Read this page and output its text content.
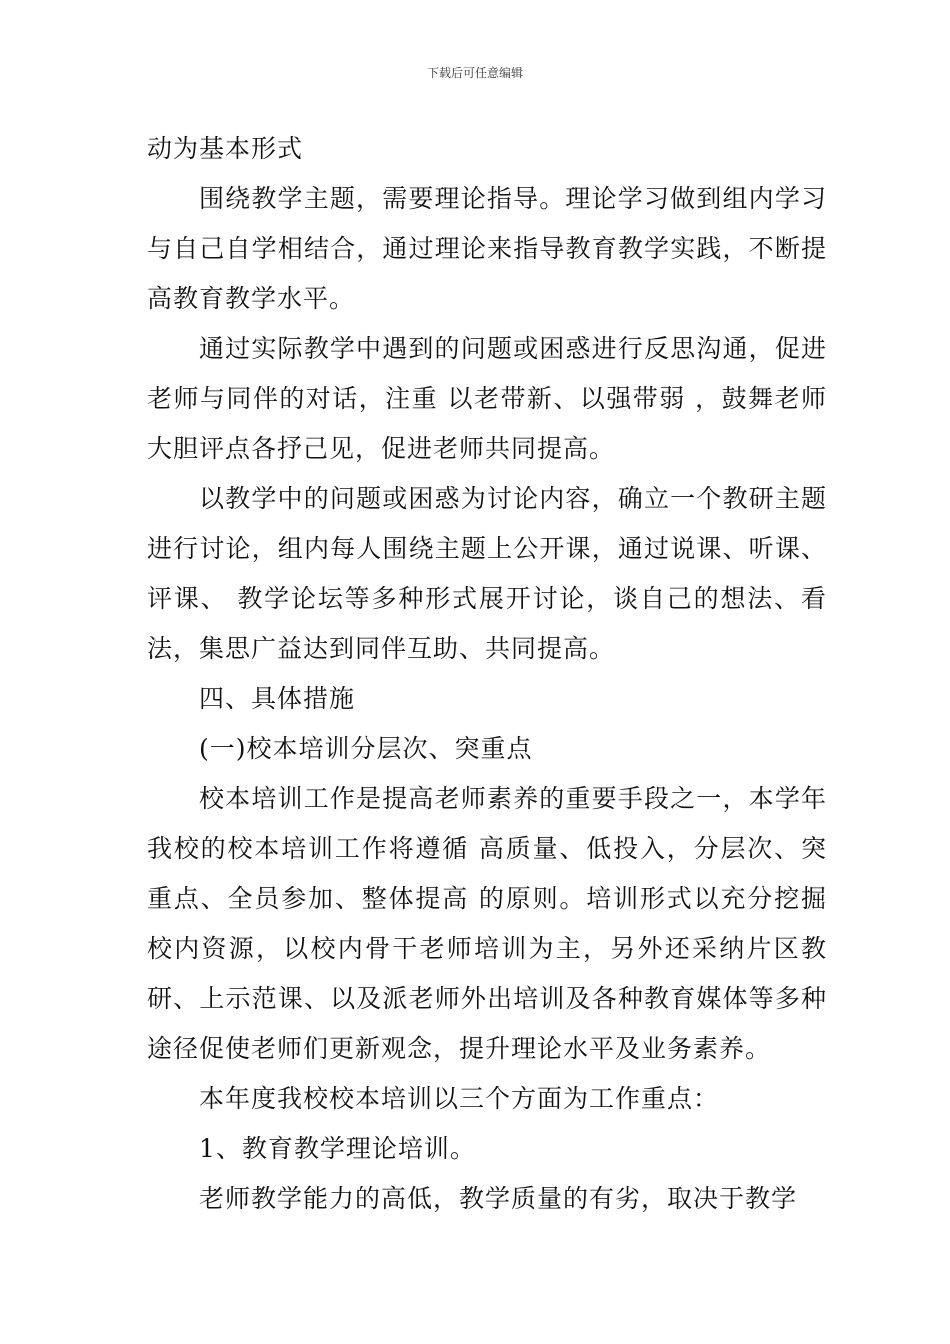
下载后可任意编辑

动为基本形式

围绕教学主题，需要理论指导。理论学习做到组内学习与自己自学相结合，通过理论来指导教育教学实践，不断提高教育教学水平。

通过实际教学中遇到的问题或困惑进行反思沟通，促进老师与同伴的对话，注重 以老带新、以强带弱 ，鼓舞老师大胆评点各抒己见，促进老师共同提高。

以教学中的问题或困惑为讨论内容，确立一个教研主题进行讨论，组内每人围绕主题上公开课，通过说课、听课、评课、 教学论坛等多种形式展开讨论，谈自己的想法、看法，集思广益达到同伴互助、共同提高。

四、具体措施

(一)校本培训分层次、突重点

校本培训工作是提高老师素养的重要手段之一，本学年我校的校本培训工作将遵循 高质量、低投入，分层次、突重点、全员参加、整体提高 的原则。培训形式以充分挖掘校内资源，以校内骨干老师培训为主，另外还采纳片区教研、上示范课、以及派老师外出培训及各种教育媒体等多种途径促使老师们更新观念，提升理论水平及业务素养。

本年度我校校本培训以三个方面为工作重点：

1、教育教学理论培训。

老师教学能力的高低，教学质量的有劣，取决于教学
